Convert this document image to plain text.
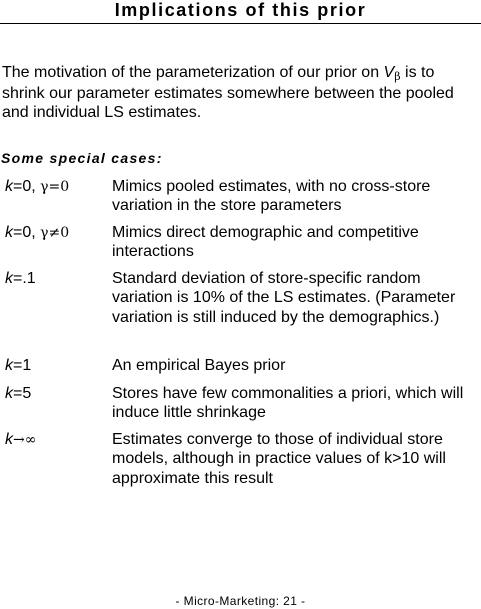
Implications of this prior
The motivation of the parameterization of our prior on Vβ is to shrink our parameter estimates somewhere between the pooled and individual LS estimates.
Some special cases:
k=0, γ=0	Mimics pooled estimates, with no cross-store variation in the store parameters
k=0, γ≠0	Mimics direct demographic and competitive interactions
k=.1	Standard deviation of store-specific random variation is 10% of the LS estimates. (Parameter variation is still induced by the demographics.)
k=1	An empirical Bayes prior
k=5	Stores have few commonalities a priori, which will induce little shrinkage
k→∞	Estimates converge to those of individual store models, although in practice values of k>10 will approximate this result
- Micro-Marketing: 21 -
